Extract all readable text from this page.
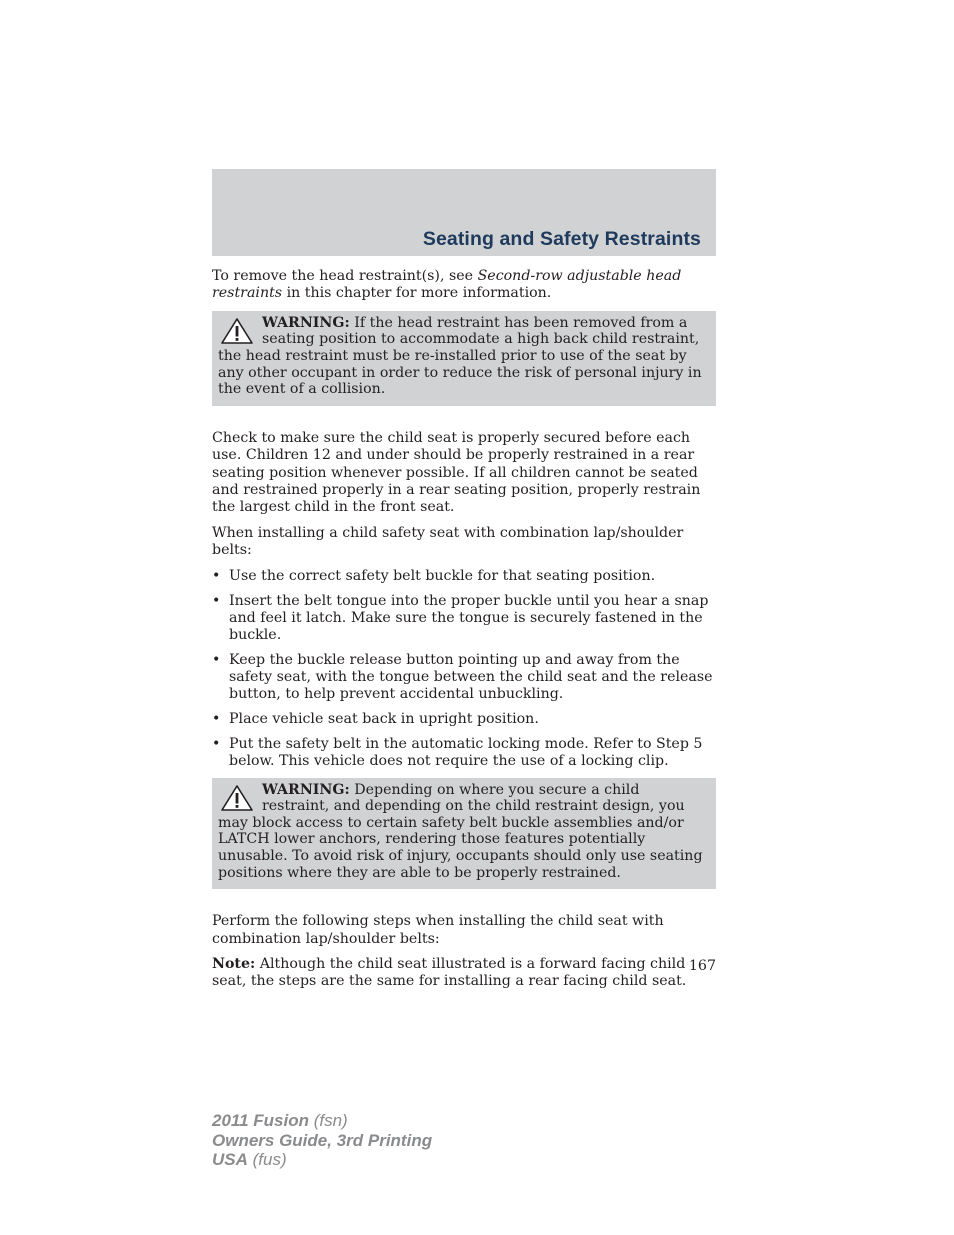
Seating and Safety Restraints

To remove the head restraint(s), see Second-row adjustable head restraints in this chapter for more information.

WARNING: If the head restraint has been removed from a seating position to accommodate a high back child restraint, the head restraint must be re-installed prior to use of the seat by any other occupant in order to reduce the risk of personal injury in the event of a collision.

Check to make sure the child seat is properly secured before each use. Children 12 and under should be properly restrained in a rear seating position whenever possible. If all children cannot be seated and restrained properly in a rear seating position, properly restrain the largest child in the front seat.

When installing a child safety seat with combination lap/shoulder belts:

• Use the correct safety belt buckle for that seating position.
• Insert the belt tongue into the proper buckle until you hear a snap and feel it latch. Make sure the tongue is securely fastened in the buckle.
• Keep the buckle release button pointing up and away from the safety seat, with the tongue between the child seat and the release button, to help prevent accidental unbuckling.
• Place vehicle seat back in upright position.
• Put the safety belt in the automatic locking mode. Refer to Step 5 below. This vehicle does not require the use of a locking clip.
WARNING: Depending on where you secure a child restraint, and depending on the child restraint design, you may block access to certain safety belt buckle assemblies and/or LATCH lower anchors, rendering those features potentially unusable. To avoid risk of injury, occupants should only use seating positions where they are able to be properly restrained.

Perform the following steps when installing the child seat with combination lap/shoulder belts:

Note: Although the child seat illustrated is a forward facing child seat, the steps are the same for installing a rear facing child seat.

167
2011 Fusion (fsn)
Owners Guide, 3rd Printing
USA (fus)
